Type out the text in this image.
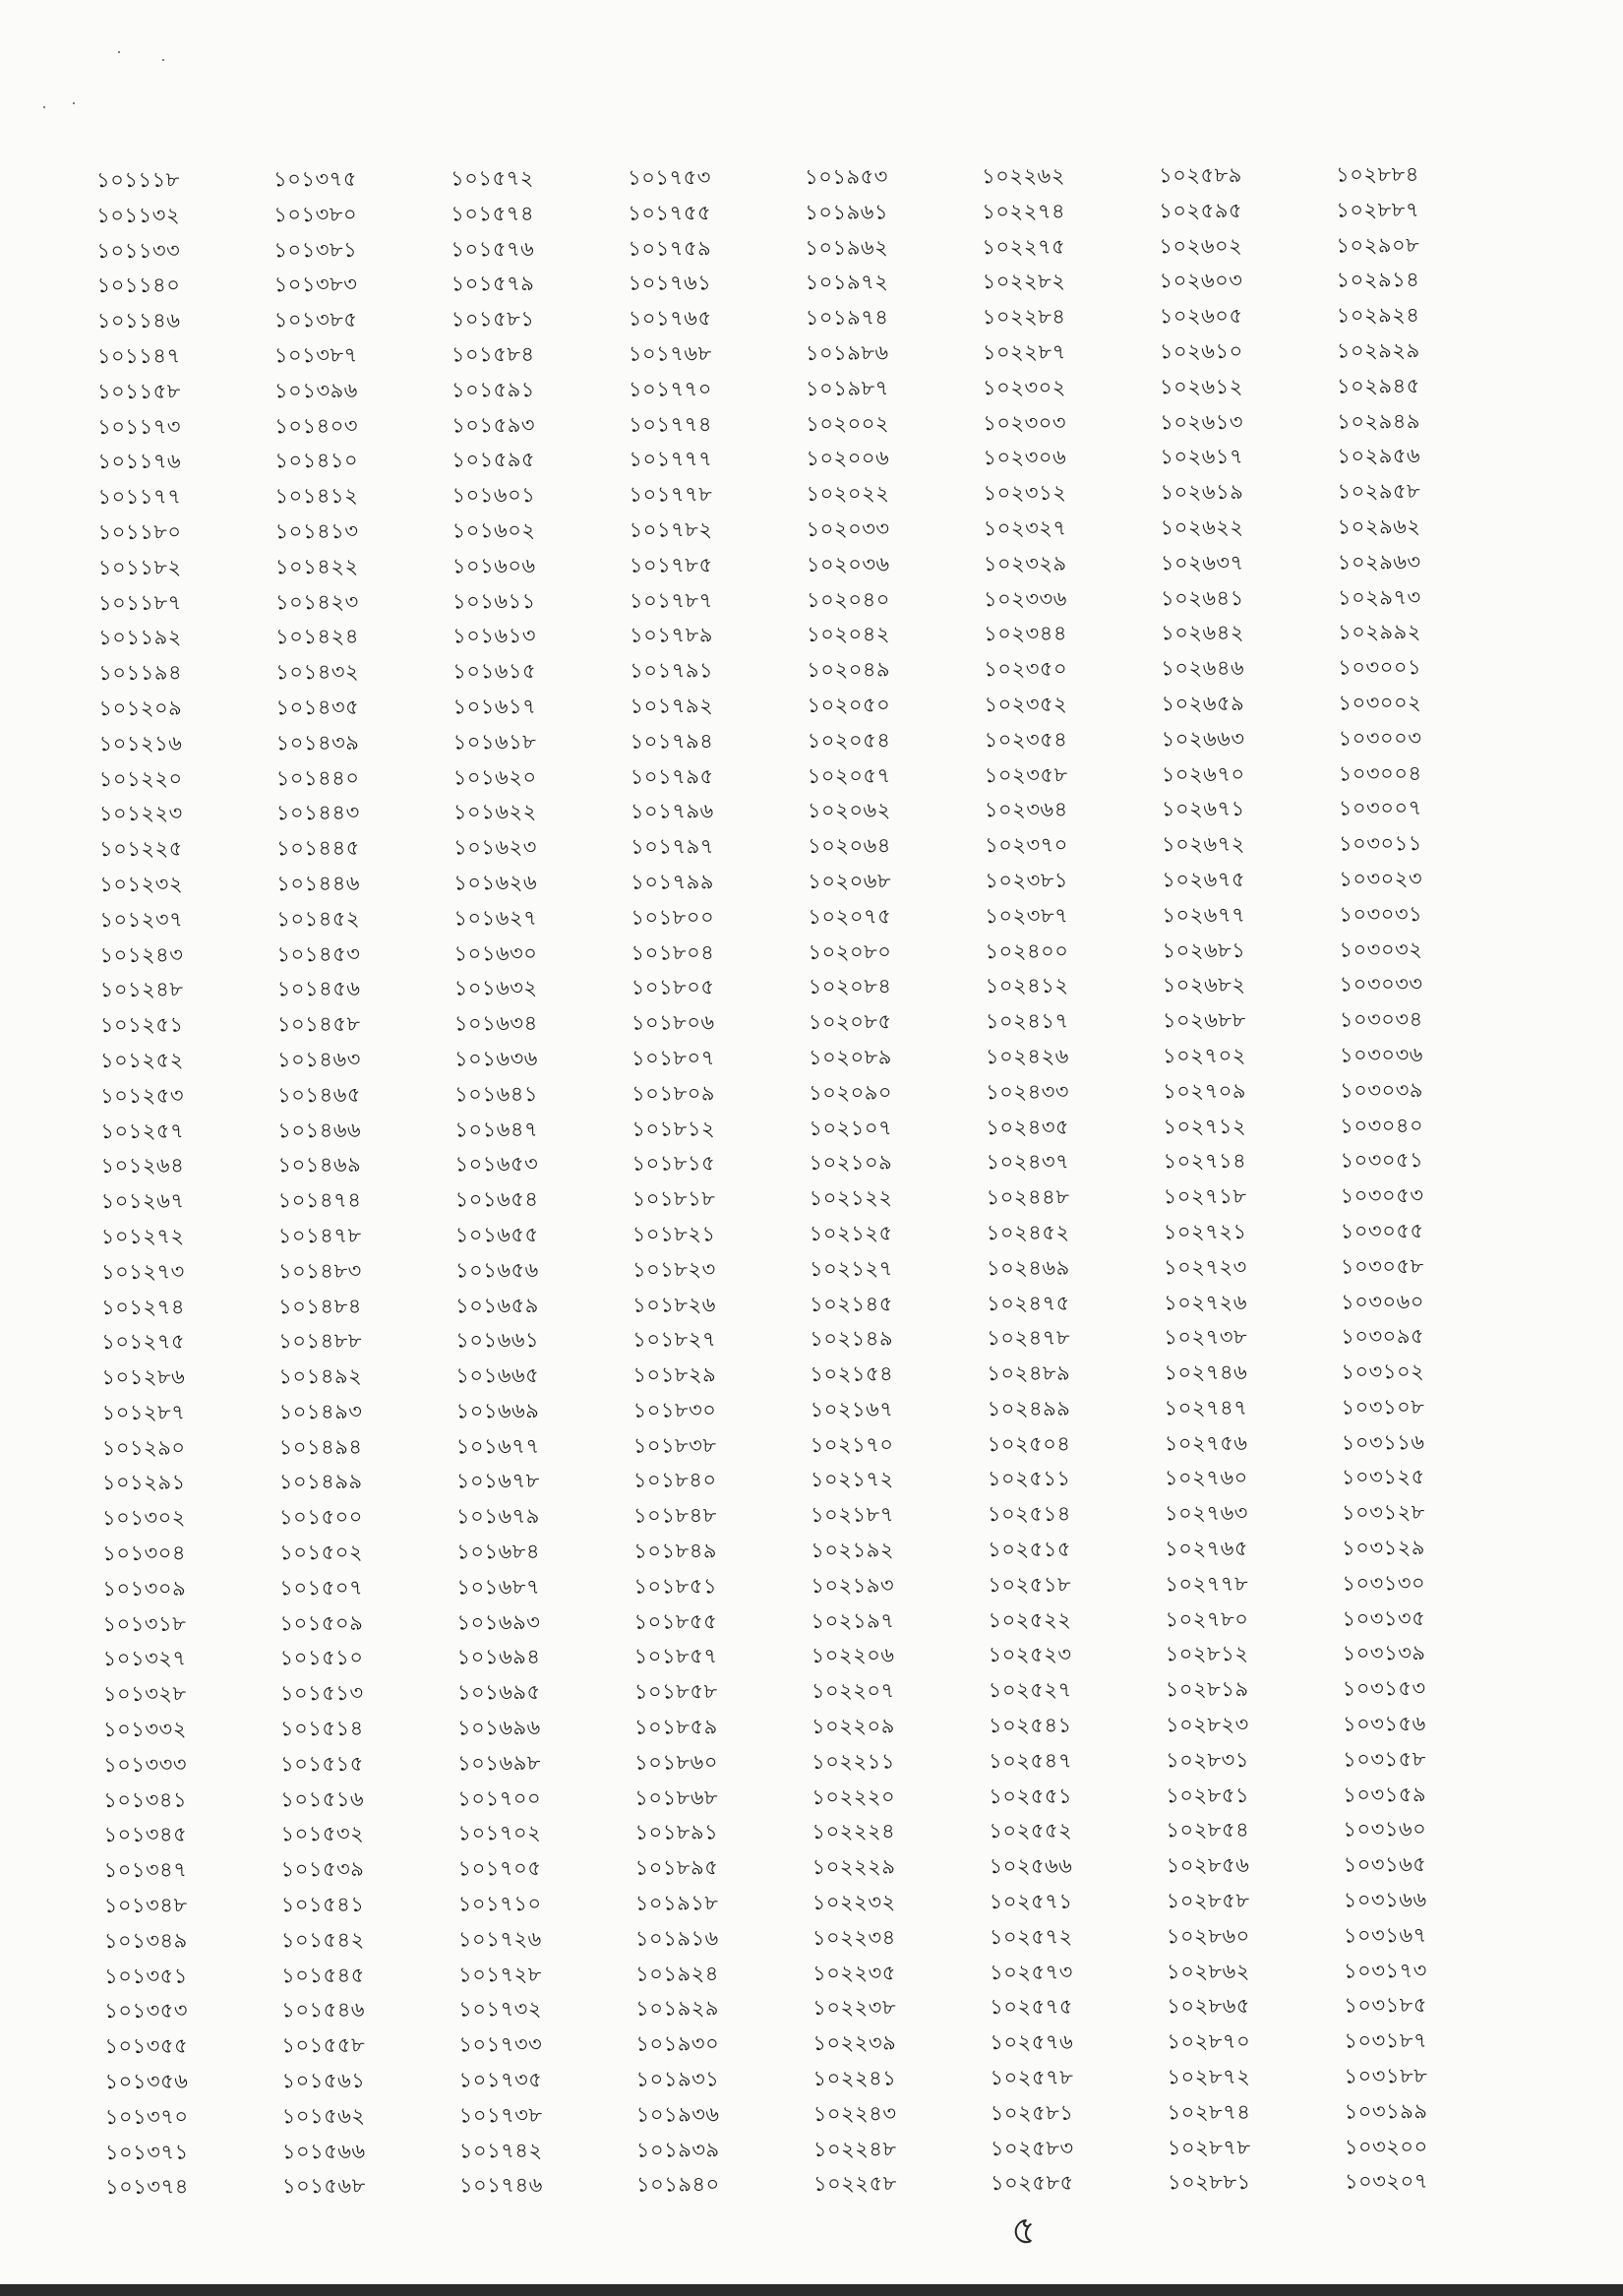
১০১১১৮
১০১১৩২
১০১১৩৩
১০১১৪০
১০১১৪৬
১০১১৪৭
১০১১৫৮
১০১১৭৩
১০১১৭৬
১০১১৭৭
১০১১৮০
১০১১৮২
১০১১৮৭
১০১১৯২
১০১১৯৪
১০১২০৯
১০১২১৬
১০১২২০
১০১২২৩
১০১২২৫
১০১২৩২
১০১২৩৭
১০১২৪৩
১০১২৪৮
১০১২৫১
১০১২৫২
১০১২৫৩
১০১২৫৭
১০১২৬৪
১০১২৬৭
১০১২৭২
১০১২৭৩
১০১২৭৪
১০১২৭৫
১০১২৮৬
১০১২৮৭
১০১২৯০
১০১২৯১
১০১৩০২
১০১৩০৪
১০১৩০৯
১০১৩১৮
১০১৩২৭
১০১৩২৮
১০১৩৩২
১০১৩৩৩
১০১৩৪১
১০১৩৪৫
১০১৩৪৭
১০১৩৪৮
১০১৩৪৯
১০১৩৫১
১০১৩৫৩
১০১৩৫৫
১০১৩৫৬
১০১৩৭০
১০১৩৭১
১০১৩৭৪
১০১৩৭৫
১০১৩৮০
১০১৩৮১
১০১৩৮৩
১০১৩৮৫
১০১৩৮৭
১০১৩৯৬
১০১৪০৩
১০১৪১০
১০১৪১২
১০১৪১৩
১০১৪২২
১০১৪২৩
১০১৪২৪
১০১৪৩২
১০১৪৩৫
১০১৪৩৯
১০১৪৪০
১০১৪৪৩
১০১৪৪৫
১০১৪৪৬
১০১৪৫২
১০১৪৫৩
১০১৪৫৬
১০১৪৫৮
১০১৪৬৩
১০১৪৬৫
১০১৪৬৬
১০১৪৬৯
১০১৪৭৪
১০১৪৭৮
১০১৪৮৩
১০১৪৮৪
১০১৪৮৮
১০১৪৯২
১০১৪৯৩
১০১৪৯৪
১০১৪৯৯
১০১৫০০
১০১৫০২
১০১৫০৭
১০১৫০৯
১০১৫১০
১০১৫১৩
১০১৫১৪
১০১৫১৫
১০১৫১৬
১০১৫৩২
১০১৫৩৯
১০১৫৪১
১০১৫৪২
১০১৫৪৫
১০১৫৪৬
১০১৫৫৮
১০১৫৬১
১০১৫৬২
১০১৫৬৬
১০১৫৬৮
১০১৫৭২
১০১৫৭৪
১০১৫৭৬
১০১৫৭৯
১০১৫৮১
১০১৫৮৪
১০১৫৯১
১০১৫৯৩
১০১৫৯৫
১০১৬০১
১০১৬০২
১০১৬০৬
১০১৬১১
১০১৬১৩
১০১৬১৫
১০১৬১৭
১০১৬১৮
১০১৬২০
১০১৬২২
১০১৬২৩
১০১৬২৬
১০১৬২৭
১০১৬৩০
১০১৬৩২
১০১৬৩৪
১০১৬৩৬
১০১৬৪১
১০১৬৪৭
১০১৬৫৩
১০১৬৫৪
১০১৬৫৫
১০১৬৫৬
১০১৬৫৯
১০১৬৬১
১০১৬৬৫
১০১৬৬৯
১০১৬৭৭
১০১৬৭৮
১০১৬৭৯
১০১৬৮৪
১০১৬৮৭
১০১৬৯৩
১০১৬৯৪
১০১৬৯৫
১০১৬৯৬
১০১৬৯৮
১০১৭০০
১০১৭০২
১০১৭০৫
১০১৭১০
১০১৭২৬
১০১৭২৮
১০১৭৩২
১০১৭৩৩
১০১৭৩৫
১০১৭৩৮
১০১৭৪২
১০১৭৪৬
১০১৭৫৩
১০১৭৫৫
১০১৭৫৯
১০১৭৬১
১০১৭৬৫
১০১৭৬৮
১০১৭৭০
১০১৭৭৪
১০১৭৭৭
১০১৭৭৮
১০১৭৮২
১০১৭৮৫
১০১৭৮৭
১০১৭৮৯
১০১৭৯১
১০১৭৯২
১০১৭৯৪
১০১৭৯৫
১০১৭৯৬
১০১৭৯৭
১০১৭৯৯
১০১৮০০
১০১৮০৪
১০১৮০৫
১০১৮০৬
১০১৮০৭
১০১৮০৯
১০১৮১২
১০১৮১৫
১০১৮১৮
১০১৮২১
১০১৮২৩
১০১৮২৬
১০১৮২৭
১০১৮২৯
১০১৮৩০
১০১৮৩৮
১০১৮৪০
১০১৮৪৮
১০১৮৪৯
১০১৮৫১
১০১৮৫৫
১০১৮৫৭
১০১৮৫৮
১০১৮৫৯
১০১৮৬০
১০১৮৬৮
১০১৮৯১
১০১৮৯৫
১০১৯১৮
১০১৯১৬
১০১৯২৪
১০১৯২৯
১০১৯৩০
১০১৯৩১
১০১৯৩৬
১০১৯৩৯
১০১৯৪০
১০১৯৫৩
১০১৯৬১
১০১৯৬২
১০১৯৭২
১০১৯৭৪
১০১৯৮৬
১০১৯৮৭
১০২০০২
১০২০০৬
১০২০২২
১০২০৩৩
১০২০৩৬
১০২০৪০
১০২০৪২
১০২০৪৯
১০২০৫০
১০২০৫৪
১০২০৫৭
১০২০৬২
১০২০৬৪
১০২০৬৮
১০২০৭৫
১০২০৮০
১০২০৮৪
১০২০৮৫
১০২০৮৯
১০২০৯০
১০২১০৭
১০২১০৯
১০২১২২
১০২১২৫
১০২১২৭
১০২১৪৫
১০২১৪৯
১০২১৫৪
১০২১৬৭
১০২১৭০
১০২১৭২
১০২১৮৭
১০২১৯২
১০২১৯৩
১০২১৯৭
১০২২০৬
১০২২০৭
১০২২০৯
১০২২১১
১০২২২০
১০২২২৪
১০২২২৯
১০২২৩২
১০২২৩৪
১০২২৩৫
১০২২৩৮
১০২২৩৯
১০২২৪১
১০২২৪৩
১০২২৪৮
১০২২৫৮
১০২২৬২
১০২২৭৪
১০২২৭৫
১০২২৮২
১০২২৮৪
১০২২৮৭
১০২৩০২
১০২৩০৩
১০২৩০৬
১০২৩১২
১০২৩২৭
১০২৩২৯
১০২৩৩৬
১০২৩৪৪
১০২৩৫০
১০২৩৫২
১০২৩৫৪
১০২৩৫৮
১০২৩৬৪
১০২৩৭০
১০২৩৮১
১০২৩৮৭
১০২৪০০
১০২৪১২
১০২৪১৭
১০২৪২৬
১০২৪৩৩
১০২৪৩৫
১০২৪৩৭
১০২৪৪৮
১০২৪৫২
১০২৪৬৯
১০২৪৭৫
১০২৪৭৮
১০২৪৮৯
১০২৪৯৯
১০২৫০৪
১০২৫১১
১০২৫১৪
১০২৫১৫
১০২৫১৮
১০২৫২২
১০২৫২৩
১০২৫২৭
১০২৫৪১
১০২৫৪৭
১০২৫৫১
১০২৫৫২
১০২৫৬৬
১০২৫৭১
১০২৫৭২
১০২৫৭৩
১০২৫৭৫
১০২৫৭৬
১০২৫৭৮
১০২৫৮১
১০২৫৮৩
১০২৫৮৫
১০২৫৮৯
১০২৫৯৫
১০২৬০২
১০২৬০৩
১০২৬০৫
১০২৬১০
১০২৬১২
১০২৬১৩
১০২৬১৭
১০২৬১৯
১০২৬২২
১০২৬৩৭
১০২৬৪১
১০২৬৪২
১০২৬৪৬
১০২৬৫৯
১০২৬৬৩
১০২৬৭০
১০২৬৭১
১০২৬৭২
১০২৬৭৫
১০২৬৭৭
১০২৬৮১
১০২৬৮২
১০২৬৮৮
১০২৭০২
১০২৭০৯
১০২৭১২
১০২৭১৪
১০২৭১৮
১০২৭২১
১০২৭২৩
১০২৭২৬
১০২৭৩৮
১০২৭৪৬
১০২৭৪৭
১০২৭৫৬
১০২৭৬০
১০২৭৬৩
১০২৭৬৫
১০২৭৭৮
১০২৭৮০
১০২৮১২
১০২৮১৯
১০২৮২৩
১০২৮৩১
১০২৮৫১
১০২৮৫৪
১০২৮৫৬
১০২৮৫৮
১০২৮৬০
১০২৮৬২
১০২৮৬৫
১০২৮৭০
১০২৮৭২
১০২৮৭৪
১০২৮৭৮
১০২৮৮১
১০২৮৮৪
১০২৮৮৭
১০২৯০৮
১০২৯১৪
১০২৯২৪
১০২৯২৯
১০২৯৪৫
১০২৯৪৯
১০২৯৫৬
১০২৯৫৮
১০২৯৬২
১০২৯৬৩
১০২৯৭৩
১০২৯৯২
১০৩০০১
১০৩০০২
১০৩০০৩
১০৩০০৪
১০৩০০৭
১০৩০১১
১০৩০২৩
১০৩০৩১
১০৩০৩২
১০৩০৩৩
১০৩০৩৪
১০৩০৩৬
১০৩০৩৯
১০৩০৪০
১০৩০৫১
১০৩০৫৩
১০৩০৫৫
১০৩০৫৮
১০৩০৬০
১০৩০৯৫
১০৩১০২
১০৩১০৮
১০৩১১৬
১০৩১২৫
১০৩১২৮
১০৩১২৯
১০৩১৩০
১০৩১৩৫
১০৩১৩৯
১০৩১৫৩
১০৩১৫৬
১০৩১৫৮
১০৩১৫৯
১০৩১৬০
১০৩১৬৫
১০৩১৬৬
১০৩১৬৭
১০৩১৭৩
১০৩১৮৫
১০৩১৮৭
১০৩১৮৮
১০৩১৯৯
১০৩২০০
১০৩২০৭
৫
